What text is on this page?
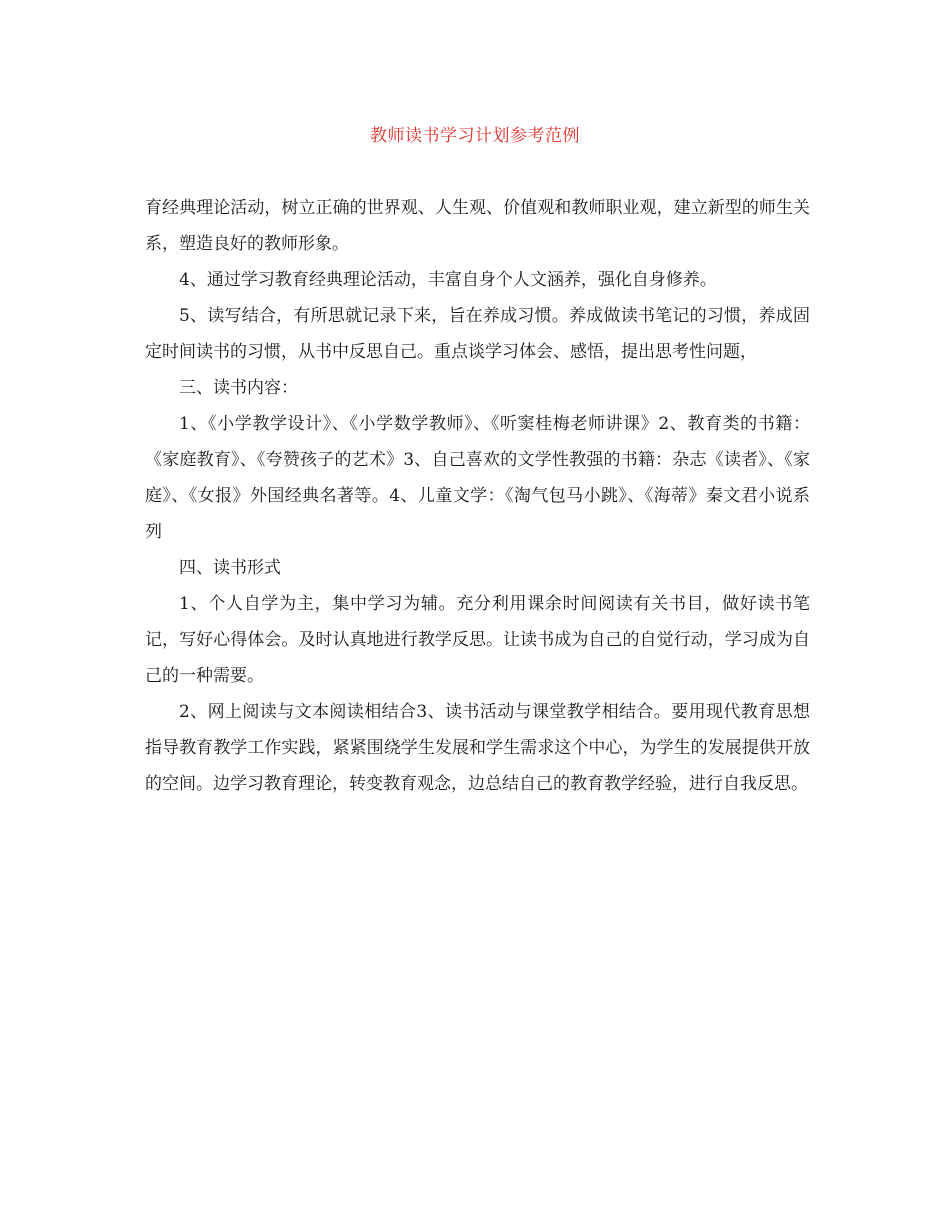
教师读书学习计划参考范例

育经典理论活动，树立正确的世界观、人生观、价值观和教师职业观，建立新型的师生关系，塑造良好的教师形象。

4、通过学习教育经典理论活动，丰富自身个人文涵养，强化自身修养。

5、读写结合，有所思就记录下来，旨在养成习惯。养成做读书笔记的习惯，养成固定时间读书的习惯，从书中反思自己。重点谈学习体会、感悟，提出思考性问题，

三、读书内容：

1、《小学教学设计》、《小学数学教师》、《听窦桂梅老师讲课》2、教育类的书籍：《家庭教育》、《夸赞孩子的艺术》3、自己喜欢的文学性教强的书籍：杂志《读者》、《家庭》、《女报》外国经典名著等。4、儿童文学：《淘气包马小跳》、《海蒂》秦文君小说系列

四、读书形式

1、个人自学为主，集中学习为辅。充分利用课余时间阅读有关书目，做好读书笔记，写好心得体会。及时认真地进行教学反思。让读书成为自己的自觉行动，学习成为自己的一种需要。

2、网上阅读与文本阅读相结合3、读书活动与课堂教学相结合。要用现代教育思想指导教育教学工作实践，紧紧围绕学生发展和学生需求这个中心，为学生的发展提供开放的空间。边学习教育理论，转变教育观念，边总结自己的教育教学经验，进行自我反思。
